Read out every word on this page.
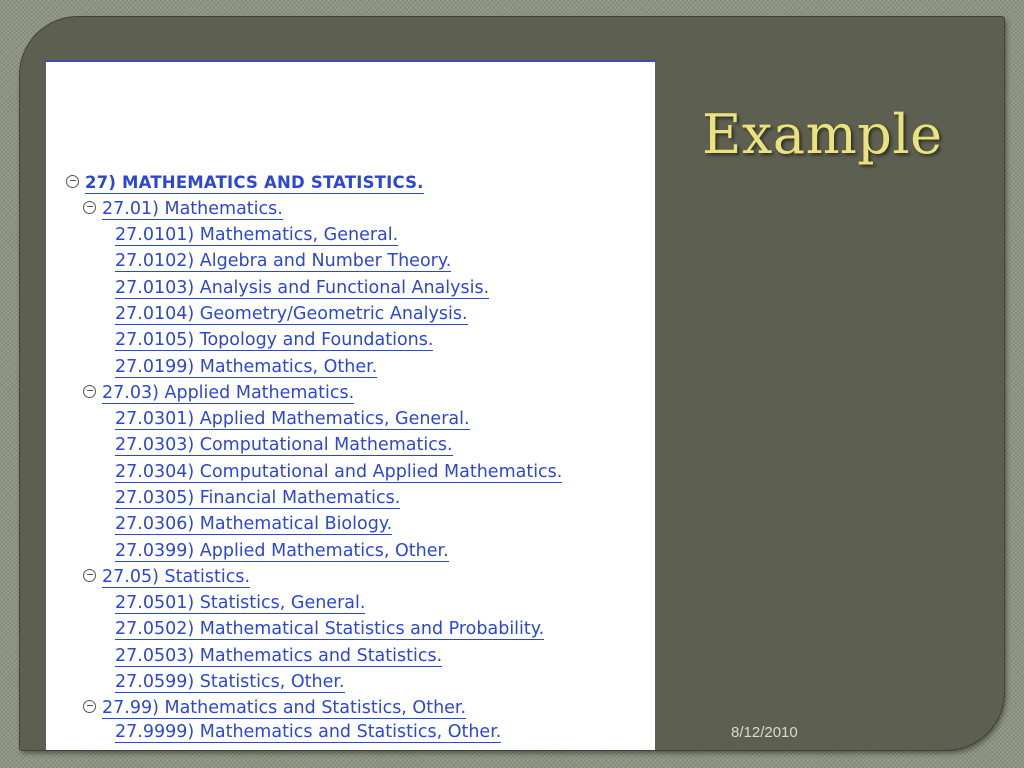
27) MATHEMATICS AND STATISTICS.
27.01) Mathematics.
27.0101) Mathematics, General.
27.0102) Algebra and Number Theory.
27.0103) Analysis and Functional Analysis.
27.0104) Geometry/Geometric Analysis.
27.0105) Topology and Foundations.
27.0199) Mathematics, Other.
27.03) Applied Mathematics.
27.0301) Applied Mathematics, General.
27.0303) Computational Mathematics.
27.0304) Computational and Applied Mathematics.
27.0305) Financial Mathematics.
27.0306) Mathematical Biology.
27.0399) Applied Mathematics, Other.
27.05) Statistics.
27.0501) Statistics, General.
27.0502) Mathematical Statistics and Probability.
27.0503) Mathematics and Statistics.
27.0599) Statistics, Other.
27.99) Mathematics and Statistics, Other.
27.9999) Mathematics and Statistics, Other.
Example
8/12/2010
